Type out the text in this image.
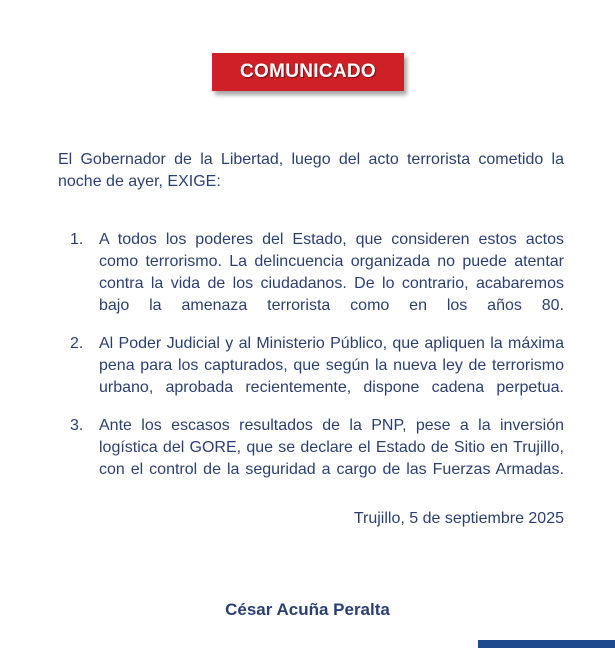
COMUNICADO

El Gobernador de la Libertad, luego del acto terrorista cometido la noche de ayer, EXIGE:

1. A todos los poderes del Estado, que consideren estos actos como terrorismo. La delincuencia organizada no puede atentar contra la vida de los ciudadanos. De lo contrario, acabaremos bajo la amenaza terrorista como en los años 80.
2. Al Poder Judicial y al Ministerio Público, que apliquen la máxima pena para los capturados, que según la nueva ley de terrorismo urbano, aprobada recientemente, dispone cadena perpetua.
3. Ante los escasos resultados de la PNP, pese a la inversión logística del GORE, que se declare el Estado de Sitio en Trujillo, con el control de la seguridad a cargo de las Fuerzas Armadas.
Trujillo, 5 de septiembre 2025
César Acuña Peralta
